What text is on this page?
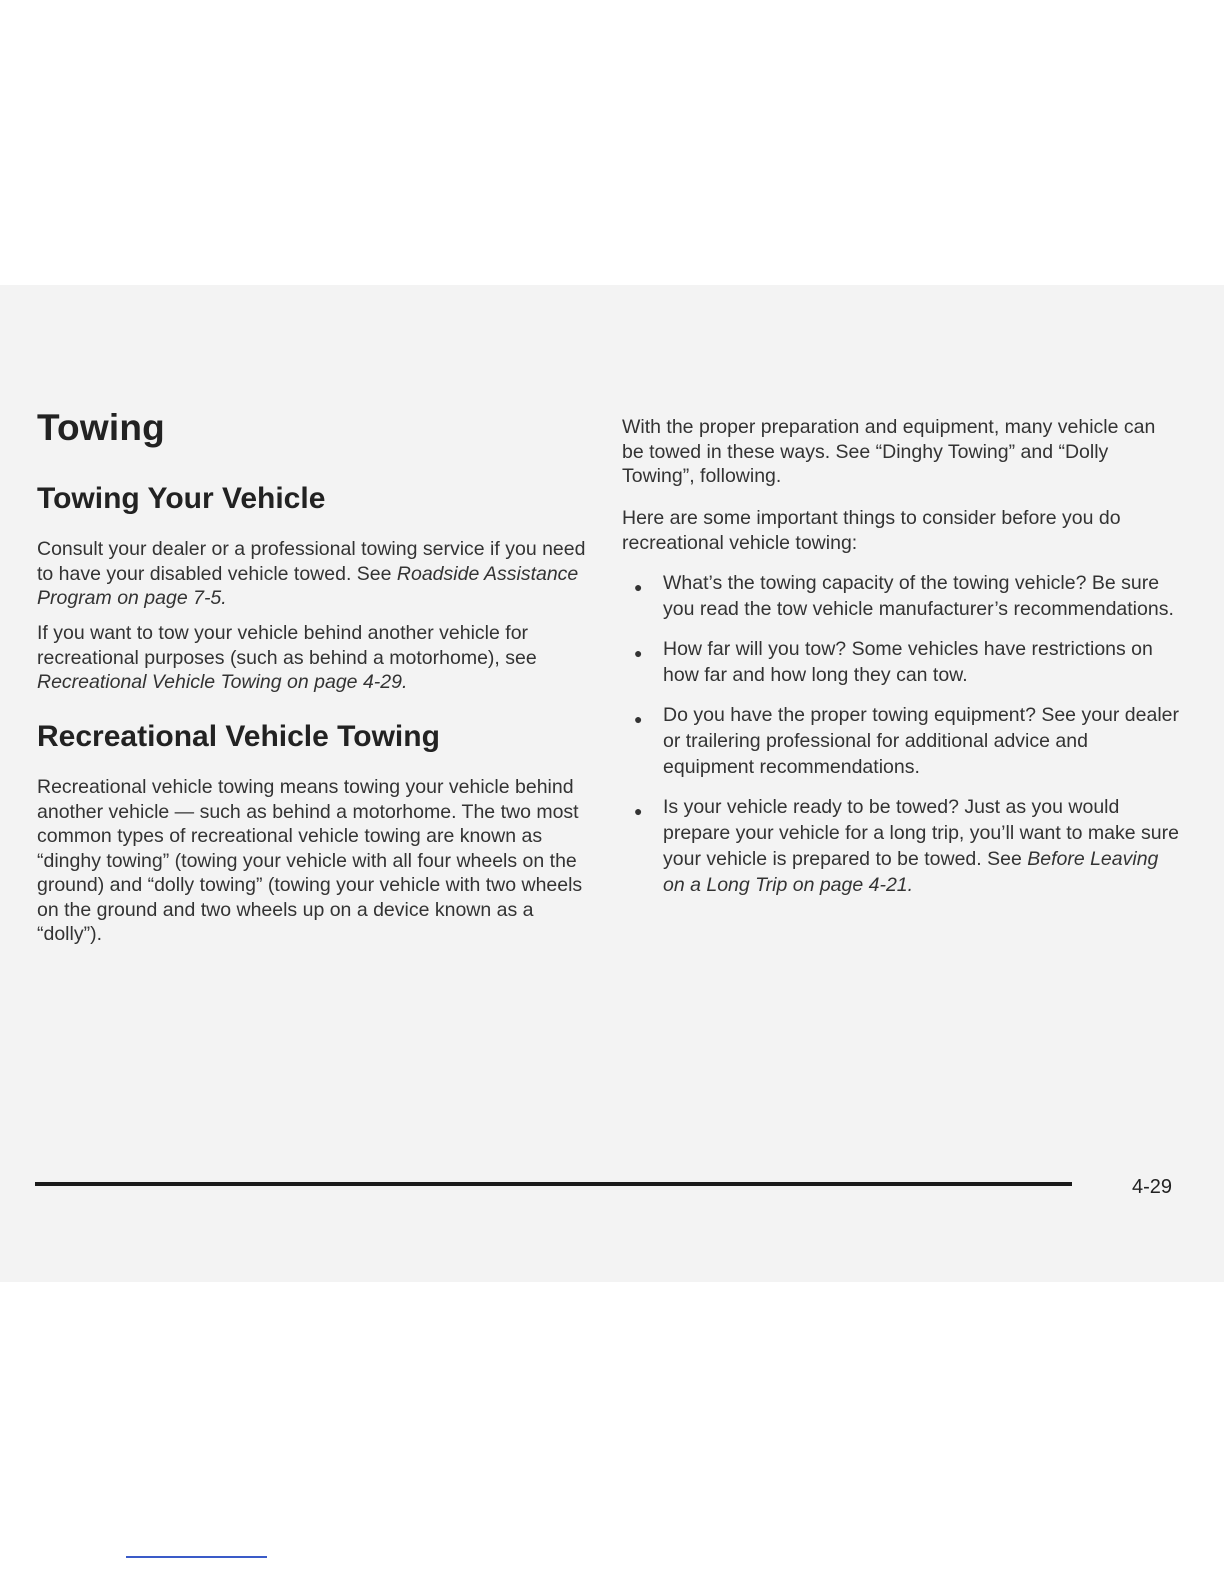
Towing
Towing Your Vehicle

Consult your dealer or a professional towing service if you need to have your disabled vehicle towed. See Roadside Assistance Program on page 7-5.

If you want to tow your vehicle behind another vehicle for recreational purposes (such as behind a motorhome), see Recreational Vehicle Towing on page 4-29.

Recreational Vehicle Towing

Recreational vehicle towing means towing your vehicle behind another vehicle — such as behind a motorhome. The two most common types of recreational vehicle towing are known as “dinghy towing” (towing your vehicle with all four wheels on the ground) and “dolly towing” (towing your vehicle with two wheels on the ground and two wheels up on a device known as a “dolly”).

With the proper preparation and equipment, many vehicle can be towed in these ways. See “Dinghy Towing” and “Dolly Towing”, following.

Here are some important things to consider before you do recreational vehicle towing:

● What’s the towing capacity of the towing vehicle? Be sure you read the tow vehicle manufacturer’s recommendations.
● How far will you tow? Some vehicles have restrictions on how far and how long they can tow.
● Do you have the proper towing equipment? See your dealer or trailering professional for additional advice and equipment recommendations.
● Is your vehicle ready to be towed? Just as you would prepare your vehicle for a long trip, you’ll want to make sure your vehicle is prepared to be towed. See Before Leaving on a Long Trip on page 4-21.
4-29
